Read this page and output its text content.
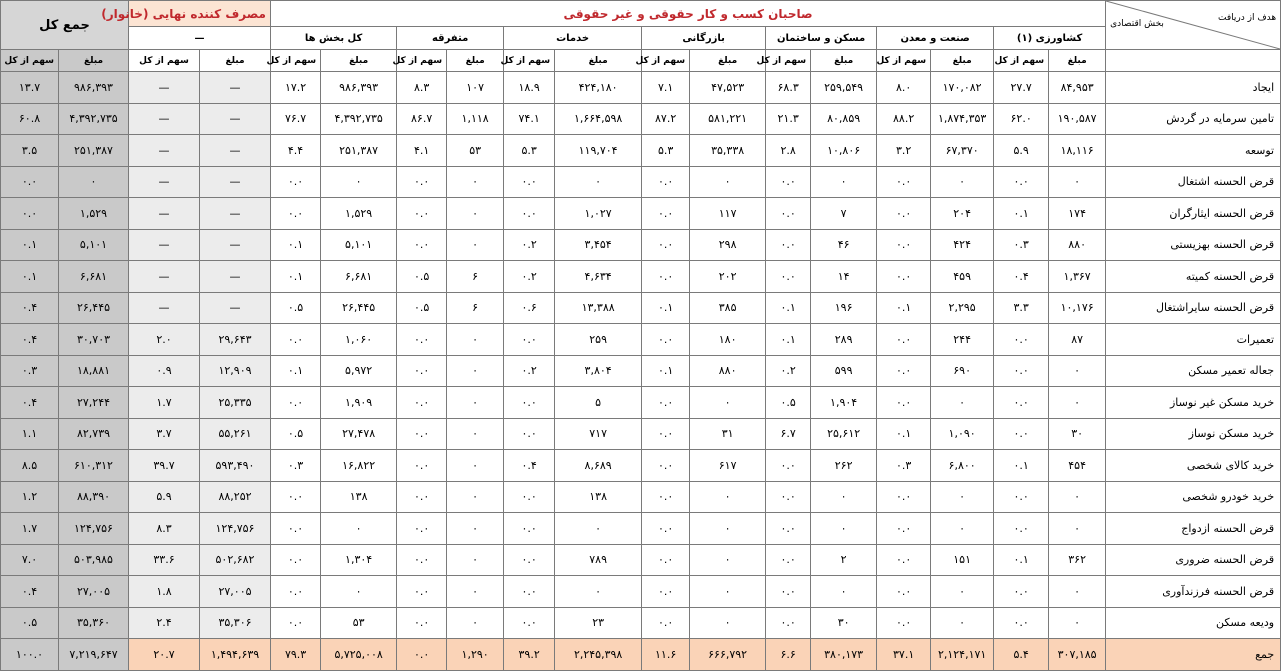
هدف از دریافت
بخش اقتصادی	صاحبان کسب و کار حقوقی و غیر حقوقی														مصرف کننده نهایی (خانوار)		جمع کل	
	کشاورزی (۱)		صنعت و معدن		مسکن و ساختمان		بازرگانی		خدمات		متفرقه		کل بخش ها		—			
	مبلغ	سهم از کل	مبلغ	سهم از کل	مبلغ	سهم از کل	مبلغ	سهم از کل	مبلغ	سهم از کل	مبلغ	سهم از کل	مبلغ	سهم از کل	مبلغ	سهم از کل	مبلغ	سهم از کل
ایجاد	۸۴,۹۵۳	۲۷.۷	۱۷۰,۰۸۲	۸.۰	۲۵۹,۵۴۹	۶۸.۳	۴۷,۵۲۳	۷.۱	۴۲۴,۱۸۰	۱۸.۹	۱۰۷	۸.۳	۹۸۶,۳۹۳	۱۷.۲	—	—	۹۸۶,۳۹۳	۱۳.۷
تامین سرمایه در گردش	۱۹۰,۵۸۷	۶۲.۰	۱,۸۷۴,۳۵۳	۸۸.۲	۸۰,۸۵۹	۲۱.۳	۵۸۱,۲۲۱	۸۷.۲	۱,۶۶۴,۵۹۸	۷۴.۱	۱,۱۱۸	۸۶.۷	۴,۳۹۲,۷۳۵	۷۶.۷	—	—	۴,۳۹۲,۷۳۵	۶۰.۸
توسعه	۱۸,۱۱۶	۵.۹	۶۷,۳۷۰	۳.۲	۱۰,۸۰۶	۲.۸	۳۵,۳۳۸	۵.۳	۱۱۹,۷۰۴	۵.۳	۵۳	۴.۱	۲۵۱,۳۸۷	۴.۴	—	—	۲۵۱,۳۸۷	۳.۵
قرض الحسنه اشتغال	۰	۰.۰	۰	۰.۰	۰	۰.۰	۰	۰.۰	۰	۰.۰	۰	۰.۰	۰	۰.۰	—	—	۰	۰.۰
قرض الحسنه ایثارگران	۱۷۴	۰.۱	۲۰۴	۰.۰	۷	۰.۰	۱۱۷	۰.۰	۱,۰۲۷	۰.۰	۰	۰.۰	۱,۵۲۹	۰.۰	—	—	۱,۵۲۹	۰.۰
قرض الحسنه بهزیستی	۸۸۰	۰.۳	۴۲۴	۰.۰	۴۶	۰.۰	۲۹۸	۰.۰	۳,۴۵۴	۰.۲	۰	۰.۰	۵,۱۰۱	۰.۱	—	—	۵,۱۰۱	۰.۱
قرض الحسنه کمیته	۱,۳۶۷	۰.۴	۴۵۹	۰.۰	۱۴	۰.۰	۲۰۲	۰.۰	۴,۶۳۴	۰.۲	۶	۰.۵	۶,۶۸۱	۰.۱	—	—	۶,۶۸۱	۰.۱
قرض الحسنه سایراشتغال	۱۰,۱۷۶	۳.۳	۲,۲۹۵	۰.۱	۱۹۶	۰.۱	۳۸۵	۰.۱	۱۳,۳۸۸	۰.۶	۶	۰.۵	۲۶,۴۴۵	۰.۵	—	—	۲۶,۴۴۵	۰.۴
تعمیرات	۸۷	۰.۰	۲۴۴	۰.۰	۲۸۹	۰.۱	۱۸۰	۰.۰	۲۵۹	۰.۰	۰	۰.۰	۱,۰۶۰	۰.۰	۲۹,۶۴۳	۲.۰	۳۰,۷۰۳	۰.۴
جعاله تعمیر مسکن	۰	۰.۰	۶۹۰	۰.۰	۵۹۹	۰.۲	۸۸۰	۰.۱	۳,۸۰۴	۰.۲	۰	۰.۰	۵,۹۷۲	۰.۱	۱۲,۹۰۹	۰.۹	۱۸,۸۸۱	۰.۳
خرید مسکن غیر نوساز	۰	۰.۰	۰	۰.۰	۱,۹۰۴	۰.۵	۰	۰.۰	۵	۰.۰	۰	۰.۰	۱,۹۰۹	۰.۰	۲۵,۳۳۵	۱.۷	۲۷,۲۴۴	۰.۴
خرید مسکن نوساز	۳۰	۰.۰	۱,۰۹۰	۰.۱	۲۵,۶۱۲	۶.۷	۳۱	۰.۰	۷۱۷	۰.۰	۰	۰.۰	۲۷,۴۷۸	۰.۵	۵۵,۲۶۱	۳.۷	۸۲,۷۳۹	۱.۱
خرید کالای شخصی	۴۵۴	۰.۱	۶,۸۰۰	۰.۳	۲۶۲	۰.۰	۶۱۷	۰.۰	۸,۶۸۹	۰.۴	۰	۰.۰	۱۶,۸۲۲	۰.۳	۵۹۳,۴۹۰	۳۹.۷	۶۱۰,۳۱۲	۸.۵
خرید خودرو شخصی	۰	۰.۰	۰	۰.۰	۰	۰.۰	۰	۰.۰	۱۳۸	۰.۰	۰	۰.۰	۱۳۸	۰.۰	۸۸,۲۵۲	۵.۹	۸۸,۳۹۰	۱.۲
قرض الحسنه ازدواج	۰	۰.۰	۰	۰.۰	۰	۰.۰	۰	۰.۰	۰	۰.۰	۰	۰.۰	۰	۰.۰	۱۲۴,۷۵۶	۸.۳	۱۲۴,۷۵۶	۱.۷
قرض الحسنه ضروری	۳۶۲	۰.۱	۱۵۱	۰.۰	۲	۰.۰	۰	۰.۰	۷۸۹	۰.۰	۰	۰.۰	۱,۳۰۴	۰.۰	۵۰۲,۶۸۲	۳۳.۶	۵۰۳,۹۸۵	۷.۰
قرض الحسنه فرزندآوری	۰	۰.۰	۰	۰.۰	۰	۰.۰	۰	۰.۰	۰	۰.۰	۰	۰.۰	۰	۰.۰	۲۷,۰۰۵	۱.۸	۲۷,۰۰۵	۰.۴
ودیعه مسکن	۰	۰.۰	۰	۰.۰	۳۰	۰.۰	۰	۰.۰	۲۳	۰.۰	۰	۰.۰	۵۳	۰.۰	۳۵,۳۰۶	۲.۴	۳۵,۳۶۰	۰.۵
جمع	۳۰۷,۱۸۵	۵.۴	۲,۱۲۴,۱۷۱	۳۷.۱	۳۸۰,۱۷۳	۶.۶	۶۶۶,۷۹۲	۱۱.۶	۲,۲۴۵,۳۹۸	۳۹.۲	۱,۲۹۰	۰.۰	۵,۷۲۵,۰۰۸	۷۹.۳	۱,۴۹۴,۶۳۹	۲۰.۷	۷,۲۱۹,۶۴۷	۱۰۰.۰
